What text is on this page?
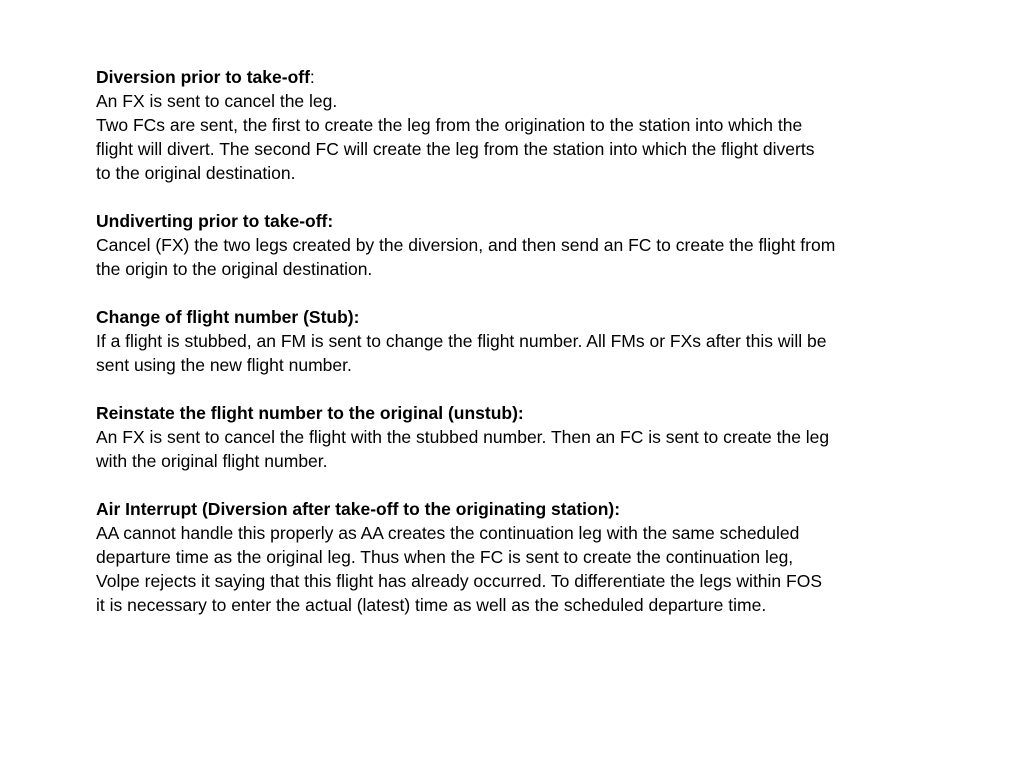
Diversion prior to take-off:
An FX is sent to cancel the leg.
Two FCs are sent, the first to create the leg from the origination to the station into which the
flight will divert. The second FC will create the leg from the station into which the flight diverts
to the original destination.
Undiverting prior to take-off:
Cancel (FX) the two legs created by the diversion, and then send an FC to create the flight from
the origin to the original destination.
Change of flight number (Stub):
If a flight is stubbed, an FM is sent to change the flight number. All FMs or FXs after this will be
sent using the new flight number.
Reinstate the flight number to the original (unstub):
An FX is sent to cancel the flight with the stubbed number. Then an FC is sent to create the leg
with the original flight number.
Air Interrupt (Diversion after take-off to the originating station):
AA cannot handle this properly as AA creates the continuation leg with the same scheduled
departure time as the original leg. Thus when the FC is sent to create the continuation leg,
Volpe rejects it saying that this flight has already occurred. To differentiate the legs within FOS
it is necessary to enter the actual (latest) time as well as the scheduled departure time.
